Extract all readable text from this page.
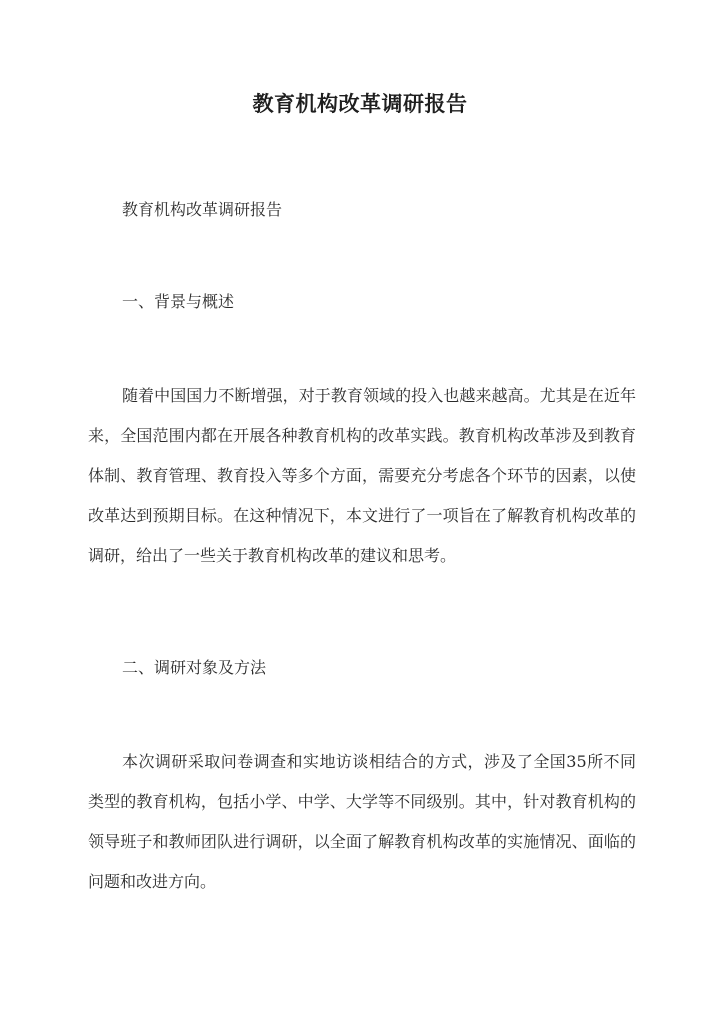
教育机构改革调研报告
教育机构改革调研报告
一、背景与概述
随着中国国力不断增强，对于教育领域的投入也越来越高。尤其是在近年来，全国范围内都在开展各种教育机构的改革实践。教育机构改革涉及到教育体制、教育管理、教育投入等多个方面，需要充分考虑各个环节的因素，以使改革达到预期目标。在这种情况下，本文进行了一项旨在了解教育机构改革的调研，给出了一些关于教育机构改革的建议和思考。
二、调研对象及方法
本次调研采取问卷调查和实地访谈相结合的方式，涉及了全国35所不同类型的教育机构，包括小学、中学、大学等不同级别。其中，针对教育机构的领导班子和教师团队进行调研，以全面了解教育机构改革的实施情况、面临的问题和改进方向。
